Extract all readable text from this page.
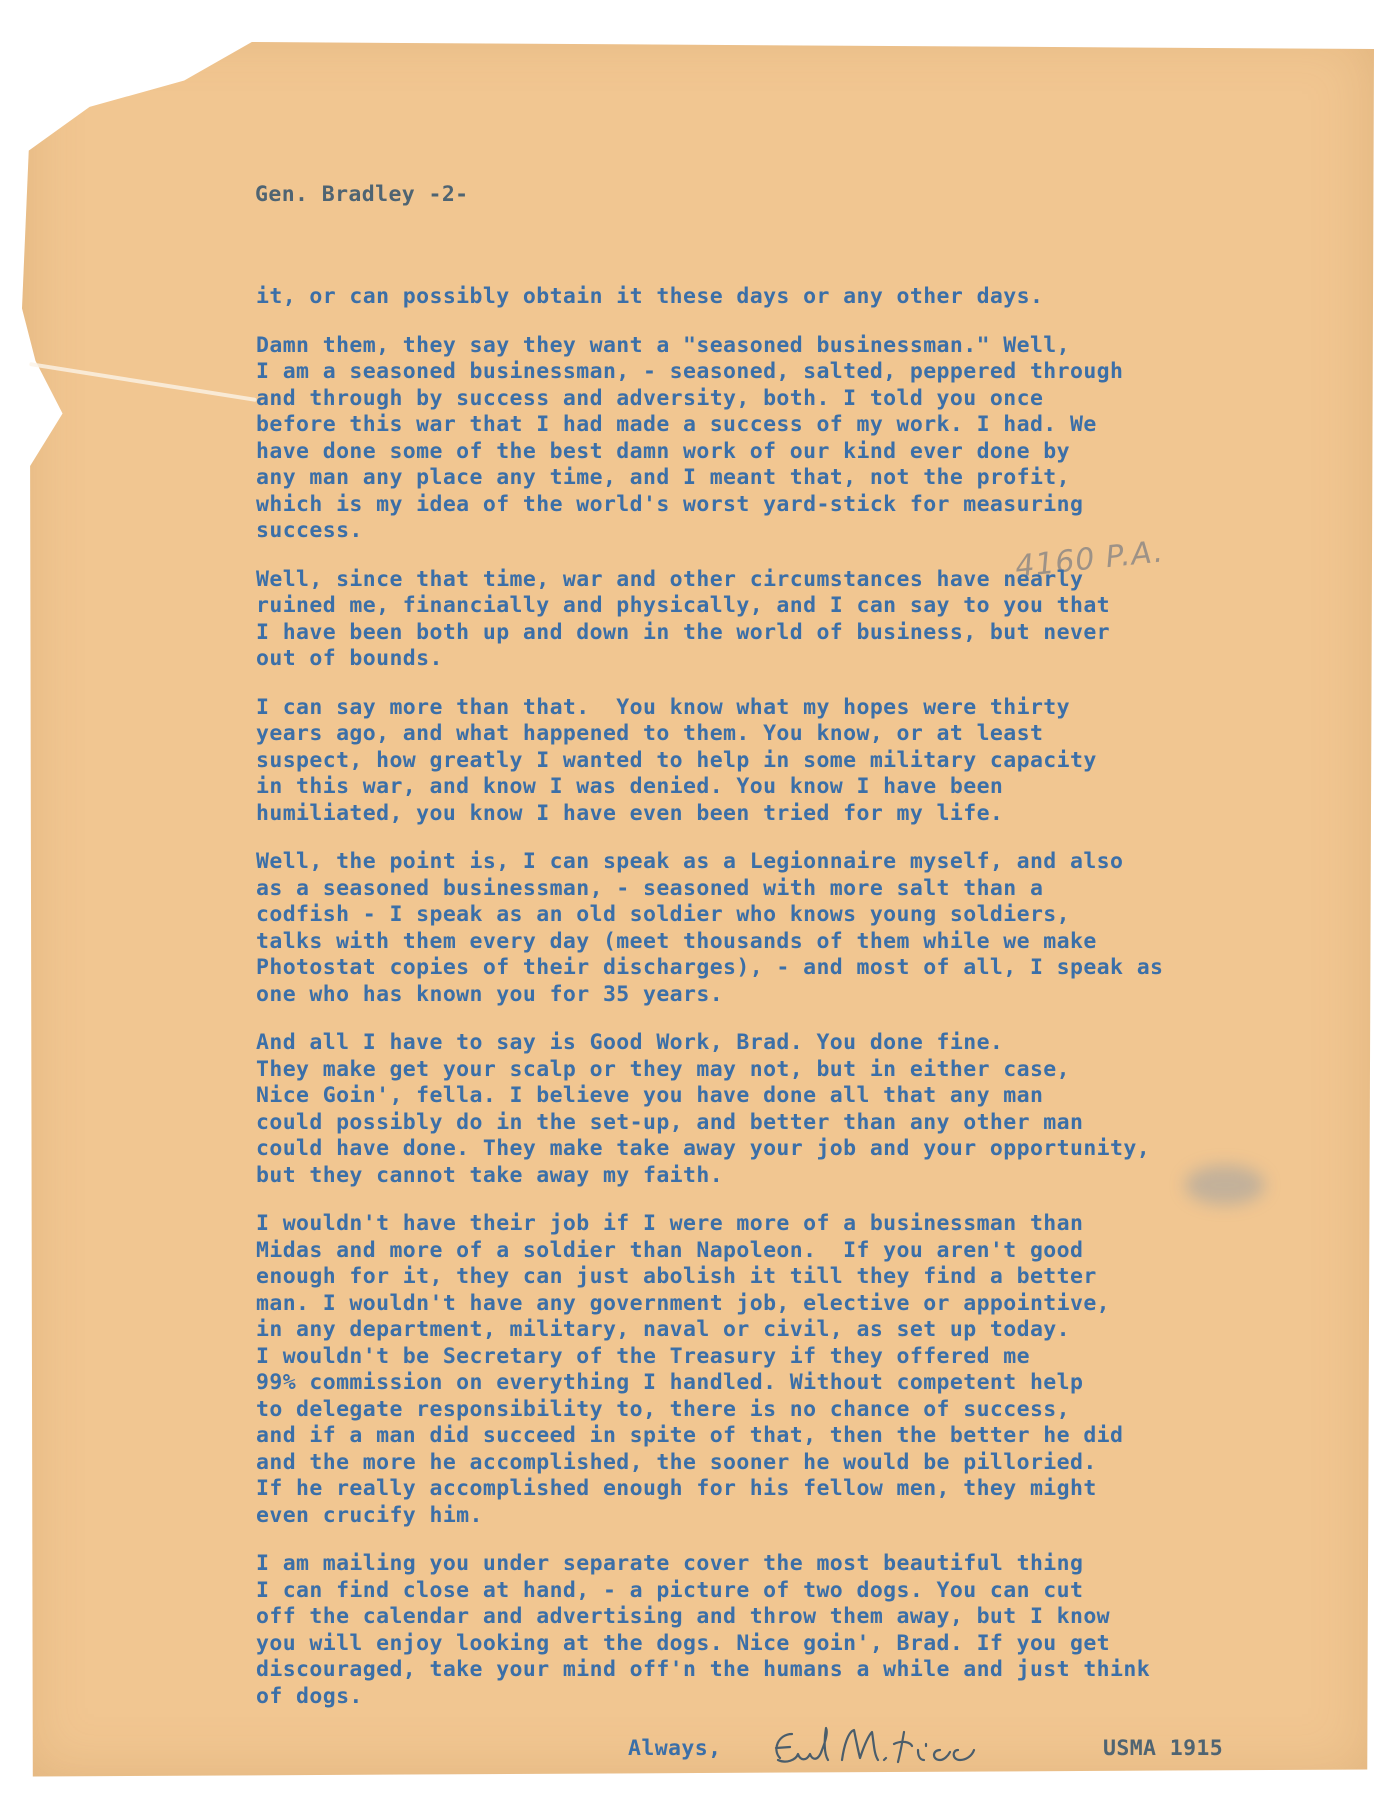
Gen. Bradley -2-
4160 P.A.
it, or can possibly obtain it these days or any other days.
Damn them, they say they want a "seasoned businessman." Well,
I am a seasoned businessman, - seasoned, salted, peppered through
and through by success and adversity, both. I told you once
before this war that I had made a success of my work. I had. We
have done some of the best damn work of our kind ever done by
any man any place any time, and I meant that, not the profit,
which is my idea of the world's worst yard-stick for measuring
success.
Well, since that time, war and other circumstances have nearly
ruined me, financially and physically, and I can say to you that
I have been both up and down in the world of business, but never
out of bounds.
I can say more than that.  You know what my hopes were thirty
years ago, and what happened to them. You know, or at least
suspect, how greatly I wanted to help in some military capacity
in this war, and know I was denied. You know I have been
humiliated, you know I have even been tried for my life.
Well, the point is, I can speak as a Legionnaire myself, and also
as a seasoned businessman, - seasoned with more salt than a
codfish - I speak as an old soldier who knows young soldiers,
talks with them every day (meet thousands of them while we make
Photostat copies of their discharges), - and most of all, I speak as
one who has known you for 35 years.
And all I have to say is Good Work, Brad. You done fine.
They make get your scalp or they may not, but in either case,
Nice Goin', fella. I believe you have done all that any man
could possibly do in the set-up, and better than any other man
could have done. They make take away your job and your opportunity,
but they cannot take away my faith.
I wouldn't have their job if I were more of a businessman than
Midas and more of a soldier than Napoleon.  If you aren't good
enough for it, they can just abolish it till they find a better
man. I wouldn't have any government job, elective or appointive,
in any department, military, naval or civil, as set up today.
I wouldn't be Secretary of the Treasury if they offered me
99% commission on everything I handled. Without competent help
to delegate responsibility to, there is no chance of success,
and if a man did succeed in spite of that, then the better he did
and the more he accomplished, the sooner he would be pilloried.
If he really accomplished enough for his fellow men, they might
even crucify him.
I am mailing you under separate cover the most beautiful thing
I can find close at hand, - a picture of two dogs. You can cut
off the calendar and advertising and throw them away, but I know
you will enjoy looking at the dogs. Nice goin', Brad. If you get
discouraged, take your mind off'n the humans a while and just think
of dogs.
Always,	USMA 1915
